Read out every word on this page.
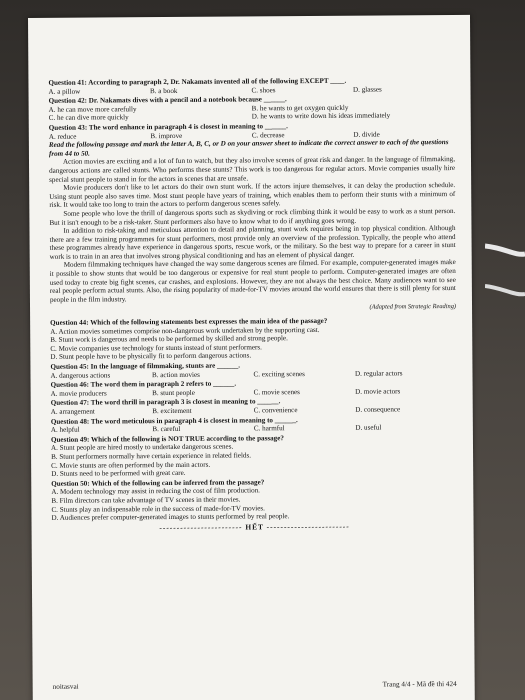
Question 41: According to paragraph 2, Dr. Nakamats invented all of the following EXCEPT ____.
A. a pillow	B. a book	C. shoes	D. glasses
Question 42: Dr. Nakamats dives with a pencil and a notebook because ______.
A. he can move more carefully	B. he wants to get oxygen quickly
C. he can dive more quickly	D. he wants to write down his ideas immediately
Question 43: The word enhance in paragraph 4 is closest in meaning to ______.
A. reduce	B. improve	C. decrease	D. divide
Read the following passage and mark the letter A, B, C, or D on your answer sheet to indicate the correct answer to each of the questions from 44 to 50.

Action movies are exciting and a lot of fun to watch, but they also involve scenes of great risk and danger. In the language of filmmaking, dangerous actions are called stunts. Who performs these stunts? This work is too dangerous for regular actors. Movie companies usually hire special stunt people to stand in for the actors in scenes that are unsafe.

Movie producers don't like to let actors do their own stunt work. If the actors injure themselves, it can delay the production schedule. Using stunt people also saves time. Most stunt people have years of training, which enables them to perform their stunts with a minimum of risk. It would take too long to train the actors to perform dangerous scenes safely.

Some people who love the thrill of dangerous sports such as skydiving or rock climbing think it would be easy to work as a stunt person. But it isn't enough to be a risk-taker. Stunt performers also have to know what to do if anything goes wrong.

In addition to risk-taking and meticulous attention to detail and planning, stunt work requires being in top physical condition. Although there are a few training programmes for stunt performers, most provide only an overview of the profession. Typically, the people who attend these programmes already have experience in dangerous sports, rescue work, or the military. So the best way to prepare for a career in stunt work is to train in an area that involves strong physical conditioning and has an element of physical danger.

Modern filmmaking techniques have changed the way some dangerous scenes are filmed. For example, computer-generated images make it possible to show stunts that would be too dangerous or expensive for real stunt people to perform. Computer-generated images are often used today to create big fight scenes, car crashes, and explosions. However, they are not always the best choice. Many audiences want to see real people perform actual stunts. Also, the rising popularity of made-for-TV movies around the world ensures that there is still plenty for stunt people in the film industry.

(Adapted from Strategic Reading)
Question 44: Which of the following statements best expresses the main idea of the passage?
A. Action movies sometimes comprise non-dangerous work undertaken by the supporting cast.
B. Stunt work is dangerous and needs to be performed by skilled and strong people.
C. Movie companies use technology for stunts instead of stunt performers.
D. Stunt people have to be physically fit to perform dangerous actions.
Question 45: In the language of filmmaking, stunts are ______.
A. dangerous actions	B. action movies	C. exciting scenes	D. regular actors
Question 46: The word them in paragraph 2 refers to ______.
A. movie producers	B. stunt people	C. movie scenes	D. movie actors
Question 47: The word thrill in paragraph 3 is closest in meaning to ______.
A. arrangement	B. excitement	C. convenience	D. consequence
Question 48: The word meticulous in paragraph 4 is closest in meaning to ______.
A. helpful	B. careful	C. harmful	D. useful
Question 49: Which of the following is NOT TRUE according to the passage?
A. Stunt people are hired mostly to undertake dangerous scenes.
B. Stunt performers normally have certain experience in related fields.
C. Movie stunts are often performed by the main actors.
D. Stunts need to be performed with great care.
Question 50: Which of the following can be inferred from the passage?
A. Modern technology may assist in reducing the cost of film production.
B. Film directors can take advantage of TV scenes in their movies.
C. Stunts play an indispensable role in the success of made-for-TV movies.
D. Audiences prefer computer-generated images to stunts performed by real people.
------------------------ HẾT ------------------------
noitasvai	Trang 4/4 - Mã đề thi 424
